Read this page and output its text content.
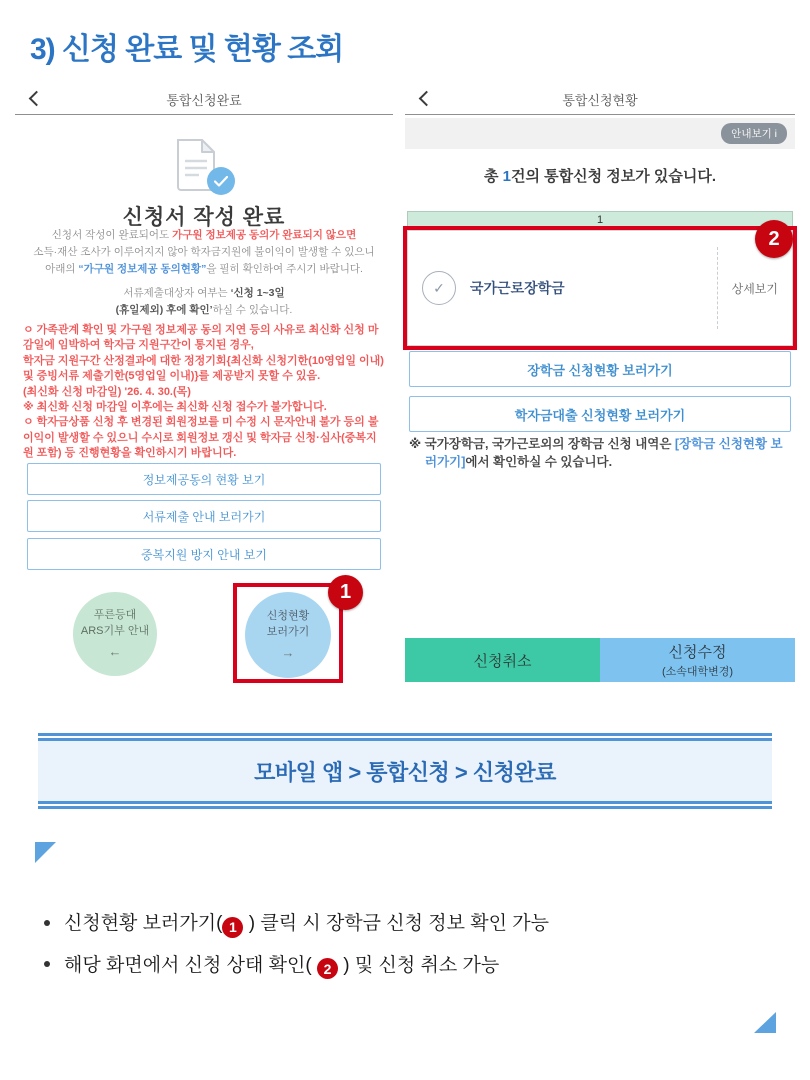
3) 신청 완료 및 현황 조회
통합신청완료
신청서 작성 완료
신청서 작성이 완료되어도 가구원 정보제공 동의가 완료되지 않으면
소득·재산 조사가 이루어지지 않아 학자금지원에 불이익이 발생할 수 있으니
아래의 “가구원 정보제공 동의현황”을 필히 확인하여 주시기 바랍니다.
서류제출대상자 여부는 ‘신청 1~3일
(휴일제외) 후에 확인’하실 수 있습니다.
ㅇ 가족관계 확인 및 가구원 정보제공 동의 지연 등의 사유로 최신화 신청 마감일에 임박하여 학자금 지원구간이 통지된 경우,
학자금 지원구간 산정결과에 대한 정정기회{최신화 신청기한(10영업일 이내) 및 증빙서류 제출기한(5영업일 이내)}를 제공받지 못할 수 있음.
(최신화 신청 마감일) '26. 4. 30.(목)
※ 최신화 신청 마감일 이후에는 최신화 신청 접수가 불가합니다.
ㅇ 학자금상품 신청 후 변경된 회원정보를 미 수정 시 문자안내 불가 등의 불이익이 발생할 수 있으니 수시로 회원정보 갱신 및 학자금 신청·심사(중복지원 포함) 등 진행현황을 확인하시기 바랍니다.
정보제공동의 현황 보기
서류제출 안내 보러가기
중복지원 방지 안내 보기
푸른등대
ARS기부 안내
←
신청현황
보러가기
→
1
통합신청현황
안내보기 i
총 1건의 통합신청 정보가 있습니다.
1
✓	국가근로장학금	상세보기
2
장학금 신청현황 보러가기
학자금대출 신청현황 보러가기
※ 국가장학금, 국가근로외의 장학금 신청 내역은 [장학금 신청현황 보러가기]에서 확인하실 수 있습니다.
신청취소	신청수정
(소속대학변경)
모바일 앱 > 통합신청 > 신청완료
신청현황 보러가기( 1 ) 클릭 시 장학금 신청 정보 확인 가능
해당 화면에서 신청 상태 확인( 2 ) 및 신청 취소 가능
